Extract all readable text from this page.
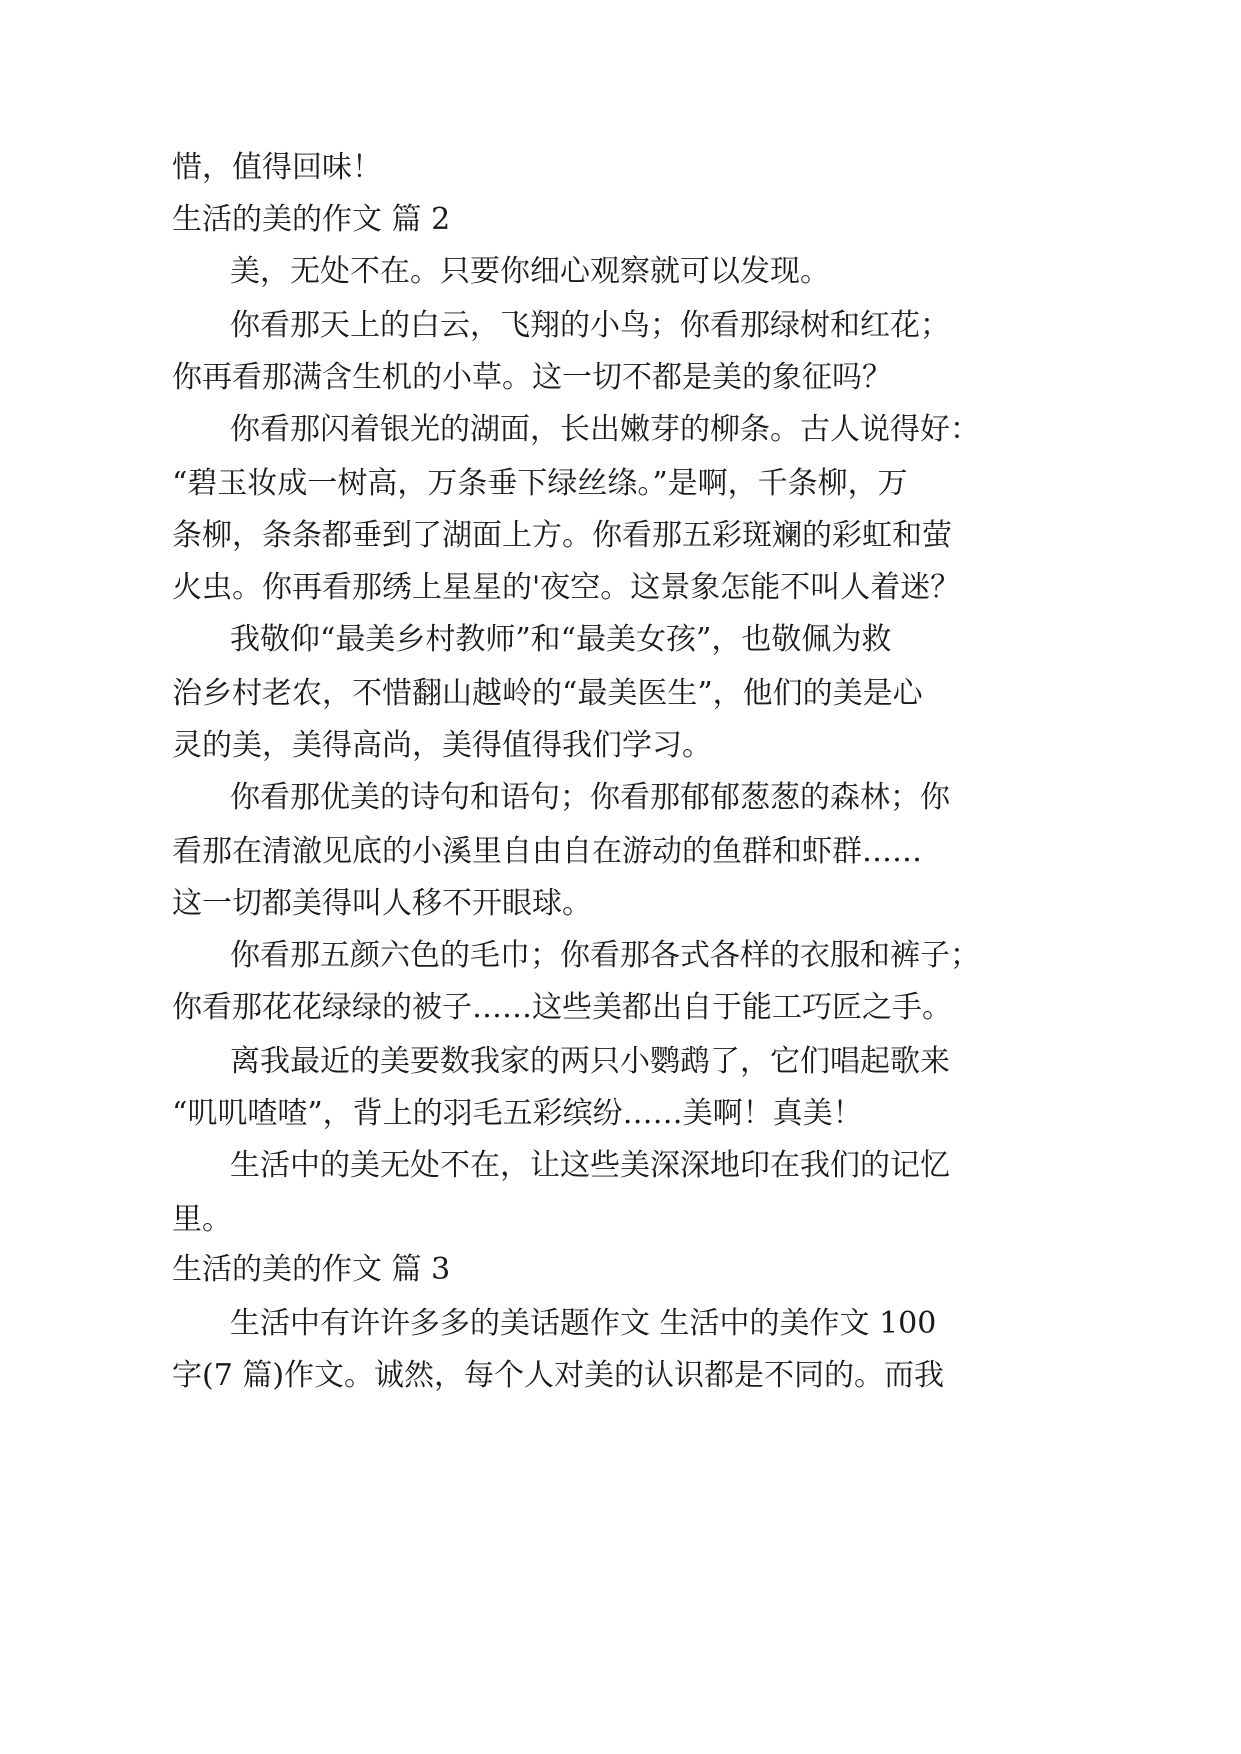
惜，值得回味！
生活的美的作文 篇 2
美，无处不在。只要你细心观察就可以发现。
你看那天上的白云，飞翔的小鸟；你看那绿树和红花；
你再看那满含生机的小草。这一切不都是美的象征吗？
你看那闪着银光的湖面，长出嫩芽的柳条。古人说得好：
“碧玉妆成一树高，万条垂下绿丝绦。”是啊，千条柳，万
条柳，条条都垂到了湖面上方。你看那五彩斑斓的彩虹和萤
火虫。你再看那绣上星星的'夜空。这景象怎能不叫人着迷？
我敬仰“最美乡村教师”和“最美女孩”，也敬佩为救
治乡村老农，不惜翻山越岭的“最美医生”，他们的美是心
灵的美，美得高尚，美得值得我们学习。
你看那优美的诗句和语句；你看那郁郁葱葱的森林；你
看那在清澈见底的小溪里自由自在游动的鱼群和虾群……
这一切都美得叫人移不开眼球。
你看那五颜六色的毛巾；你看那各式各样的衣服和裤子；
你看那花花绿绿的被子……这些美都出自于能工巧匠之手。
离我最近的美要数我家的两只小鹦鹉了，它们唱起歌来
“叽叽喳喳”，背上的羽毛五彩缤纷……美啊！真美！
生活中的美无处不在，让这些美深深地印在我们的记忆
里。
生活的美的作文 篇 3
生活中有许许多多的美话题作文 生活中的美作文 100
字(7 篇)作文。诚然，每个人对美的认识都是不同的。而我
